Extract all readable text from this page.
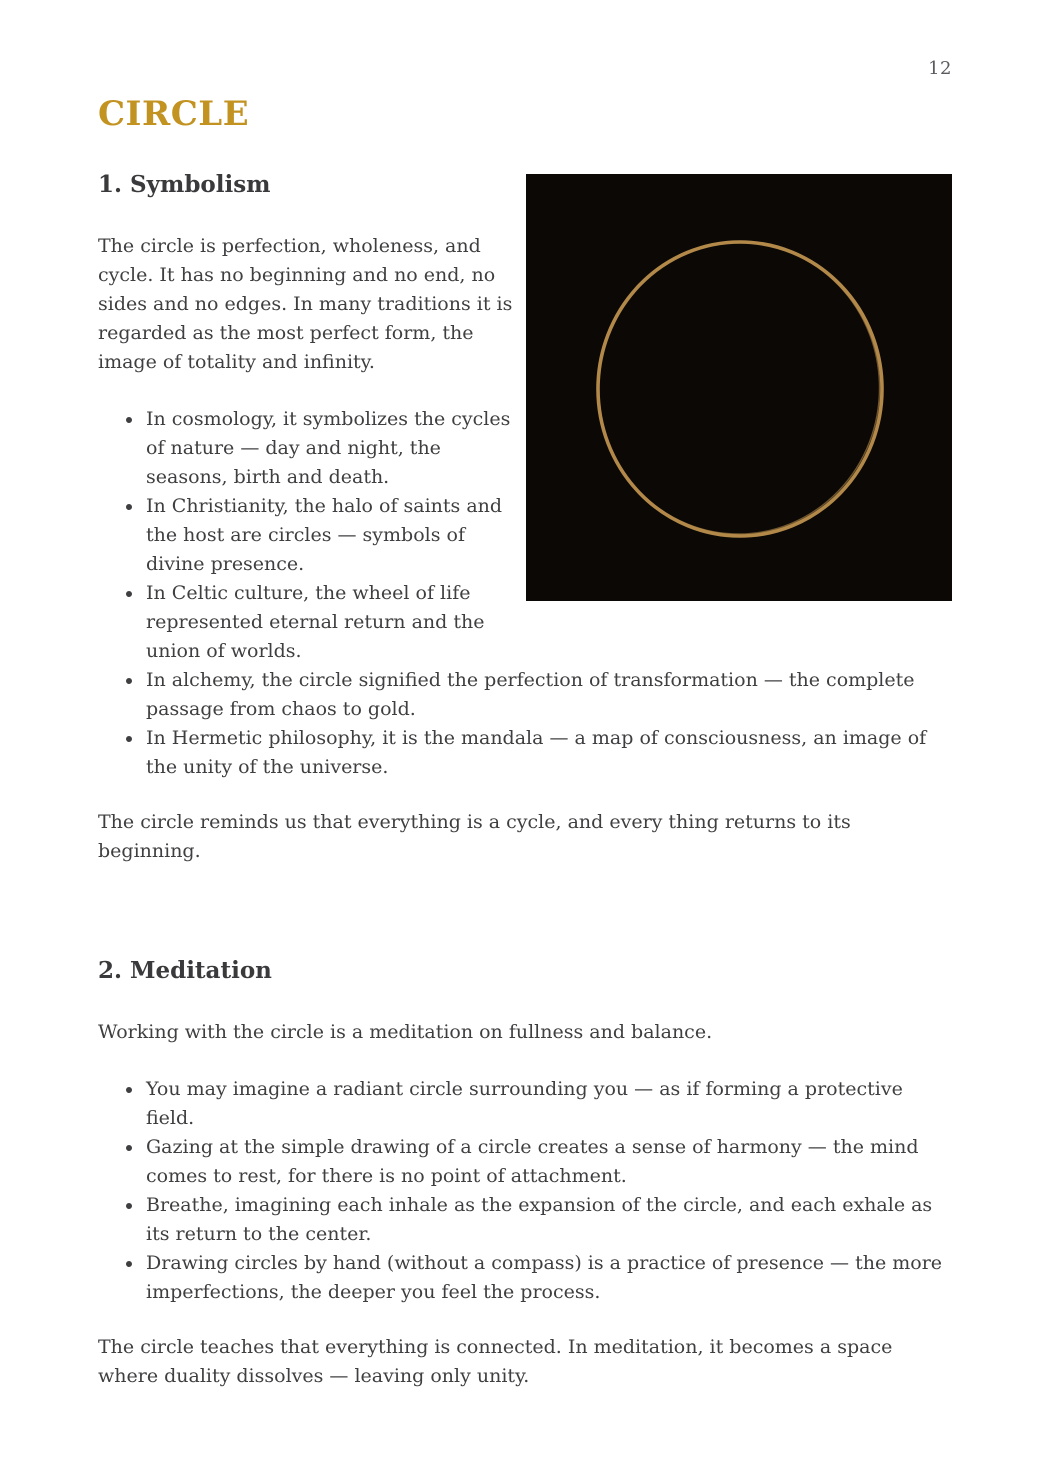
12
CIRCLE
1. Symbolism

The circle is perfection, wholeness, and cycle. It has no beginning and no end, no sides and no edges. In many traditions it is regarded as the most perfect form, the image of totality and infinity.

• In cosmology, it symbolizes the cycles of nature — day and night, the seasons, birth and death.
• In Christianity, the halo of saints and the host are circles — symbols of divine presence.
• In Celtic culture, the wheel of life represented eternal return and the union of worlds.
• In alchemy, the circle signified the perfection of transformation — the complete passage from chaos to gold.
• In Hermetic philosophy, it is the mandala — a map of consciousness, an image of the unity of the universe.

The circle reminds us that everything is a cycle, and every thing returns to its beginning.

2. Meditation

Working with the circle is a meditation on fullness and balance.

• You may imagine a radiant circle surrounding you — as if forming a protective field.
• Gazing at the simple drawing of a circle creates a sense of harmony — the mind comes to rest, for there is no point of attachment.
• Breathe, imagining each inhale as the expansion of the circle, and each exhale as its return to the center.
• Drawing circles by hand (without a compass) is a practice of presence — the more imperfections, the deeper you feel the process.

The circle teaches that everything is connected. In meditation, it becomes a space where duality dissolves — leaving only unity.
